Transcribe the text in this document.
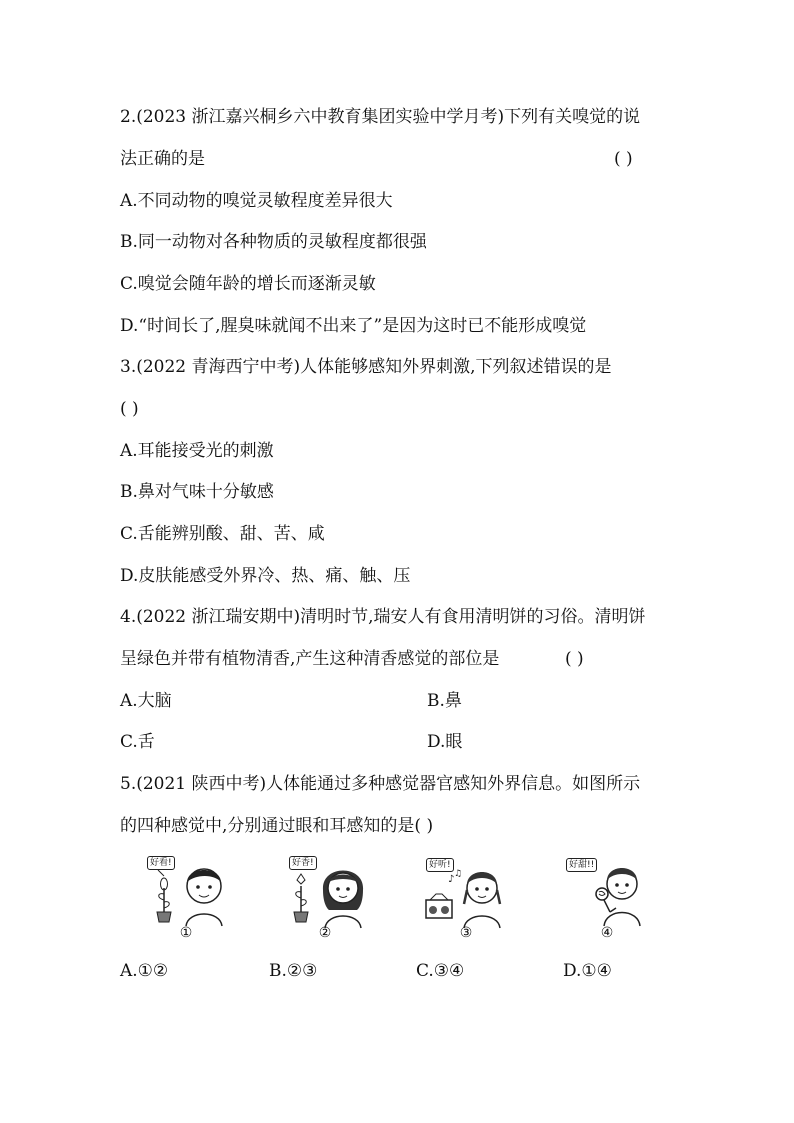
2.(2023 浙江嘉兴桐乡六中教育集团实验中学月考)下列有关嗅觉的说
法正确的是	( )
A.不同动物的嗅觉灵敏程度差异很大
B.同一动物对各种物质的灵敏程度都很强
C.嗅觉会随年龄的增长而逐渐灵敏
D.“时间长了,腥臭味就闻不出来了”是因为这时已不能形成嗅觉
3.(2022 青海西宁中考)人体能够感知外界刺激,下列叙述错误的是
( )
A.耳能接受光的刺激
B.鼻对气味十分敏感
C.舌能辨别酸、甜、苦、咸
D.皮肤能感受外界冷、热、痛、触、压
4.(2022 浙江瑞安期中)清明时节,瑞安人有食用清明饼的习俗。清明饼
呈绿色并带有植物清香,产生这种清香感觉的部位是	( )
A.大脑	B.鼻
C.舌	D.眼
5.(2021 陕西中考)人体能通过多种感觉器官感知外界信息。如图所示
的四种感觉中,分别通过眼和耳感知的是( )
好看!
①
好香!
②
好听!
♪ ♫
③
好甜!!
④
A.①②	B.②③	C.③④	D.①④
